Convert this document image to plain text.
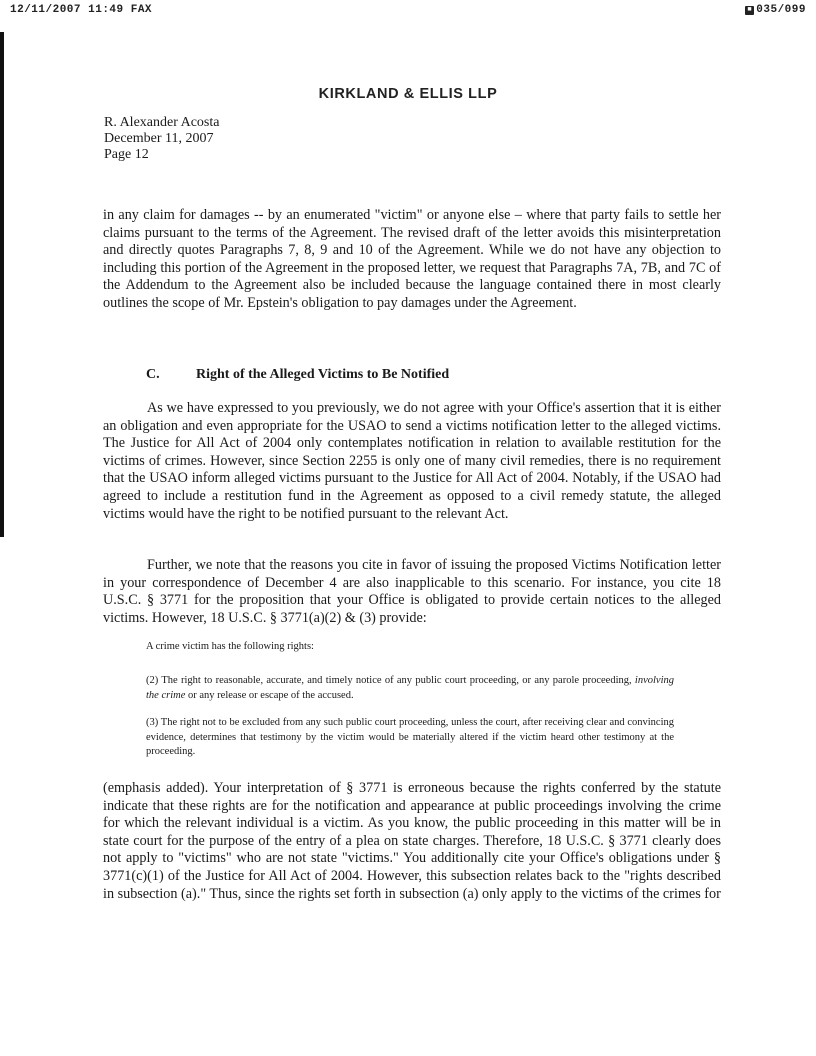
12/11/2007 11:49 FAX	■ 035/099
KIRKLAND & ELLIS LLP
R. Alexander Acosta
December 11, 2007
Page 12

in any claim for damages -- by an enumerated "victim" or anyone else – where that party fails to settle her claims pursuant to the terms of the Agreement. The revised draft of the letter avoids this misinterpretation and directly quotes Paragraphs 7, 8, 9 and 10 of the Agreement. While we do not have any objection to including this portion of the Agreement in the proposed letter, we request that Paragraphs 7A, 7B, and 7C of the Addendum to the Agreement also be included because the language contained there in most clearly outlines the scope of Mr. Epstein's obligation to pay damages under the Agreement.

C.	Right of the Alleged Victims to Be Notified

As we have expressed to you previously, we do not agree with your Office's assertion that it is either an obligation and even appropriate for the USAO to send a victims notification letter to the alleged victims. The Justice for All Act of 2004 only contemplates notification in relation to available restitution for the victims of crimes. However, since Section 2255 is only one of many civil remedies, there is no requirement that the USAO inform alleged victims pursuant to the Justice for All Act of 2004. Notably, if the USAO had agreed to include a restitution fund in the Agreement as opposed to a civil remedy statute, the alleged victims would have the right to be notified pursuant to the relevant Act.

Further, we note that the reasons you cite in favor of issuing the proposed Victims Notification letter in your correspondence of December 4 are also inapplicable to this scenario. For instance, you cite 18 U.S.C. § 3771 for the proposition that your Office is obligated to provide certain notices to the alleged victims. However, 18 U.S.C. § 3771(a)(2) & (3) provide:

A crime victim has the following rights:

(2) The right to reasonable, accurate, and timely notice of any public court proceeding, or any parole proceeding, involving the crime or any release or escape of the accused.

(3) The right not to be excluded from any such public court proceeding, unless the court, after receiving clear and convincing evidence, determines that testimony by the victim would be materially altered if the victim heard other testimony at the proceeding.

(emphasis added). Your interpretation of § 3771 is erroneous because the rights conferred by the statute indicate that these rights are for the notification and appearance at public proceedings involving the crime for which the relevant individual is a victim. As you know, the public proceeding in this matter will be in state court for the purpose of the entry of a plea on state charges. Therefore, 18 U.S.C. § 3771 clearly does not apply to "victims" who are not state "victims." You additionally cite your Office's obligations under § 3771(c)(1) of the Justice for All Act of 2004. However, this subsection relates back to the "rights described in subsection (a)." Thus, since the rights set forth in subsection (a) only apply to the victims of the crimes for
